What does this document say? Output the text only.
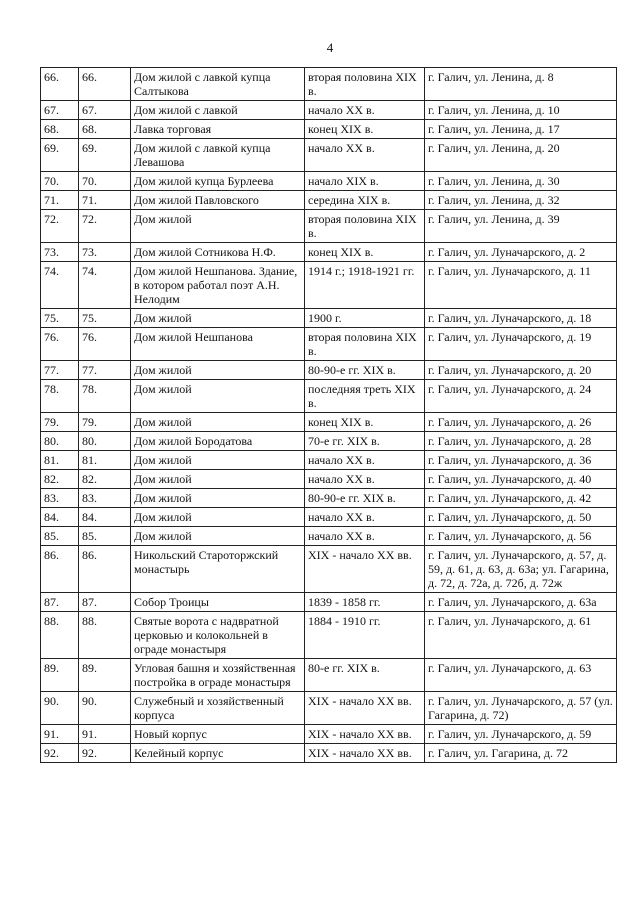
4
66.	66.	Дом жилой с лавкой купца Салтыкова	вторая половина XIX в.	г. Галич, ул. Ленина, д. 8
67.	67.	Дом жилой с лавкой	начало XX в.	г. Галич, ул. Ленина, д. 10
68.	68.	Лавка торговая	конец XIX в.	г. Галич, ул. Ленина, д. 17
69.	69.	Дом жилой с лавкой купца Левашова	начало XX в.	г. Галич, ул. Ленина, д. 20
70.	70.	Дом жилой купца Бурлеева	начало XIX в.	г. Галич, ул. Ленина, д. 30
71.	71.	Дом жилой Павловского	середина XIX в.	г. Галич, ул. Ленина, д. 32
72.	72.	Дом жилой	вторая половина XIX в.	г. Галич, ул. Ленина, д. 39
73.	73.	Дом жилой Сотникова Н.Ф.	конец XIX в.	г. Галич, ул. Луначарского, д. 2
74.	74.	Дом жилой Нешпанова. Здание, в котором работал поэт А.Н. Нелодим	1914 г.; 1918-1921 гг.	г. Галич, ул. Луначарского, д. 11
75.	75.	Дом жилой	1900 г.	г. Галич, ул. Луначарского, д. 18
76.	76.	Дом жилой Нешпанова	вторая половина XIX в.	г. Галич, ул. Луначарского, д. 19
77.	77.	Дом жилой	80-90-е гг. XIX в.	г. Галич, ул. Луначарского, д. 20
78.	78.	Дом жилой	последняя треть XIX в.	г. Галич, ул. Луначарского, д. 24
79.	79.	Дом жилой	конец XIX в.	г. Галич, ул. Луначарского, д. 26
80.	80.	Дом жилой Бородатова	70-е гг. XIX в.	г. Галич, ул. Луначарского, д. 28
81.	81.	Дом жилой	начало XX в.	г. Галич, ул. Луначарского, д. 36
82.	82.	Дом жилой	начало XX в.	г. Галич, ул. Луначарского, д. 40
83.	83.	Дом жилой	80-90-е гг. XIX в.	г. Галич, ул. Луначарского, д. 42
84.	84.	Дом жилой	начало XX в.	г. Галич, ул. Луначарского, д. 50
85.	85.	Дом жилой	начало XX в.	г. Галич, ул. Луначарского, д. 56
86.	86.	Никольский Староторжский монастырь	XIX - начало XX вв.	г. Галич, ул. Луначарского, д. 57, д. 59, д. 61, д. 63, д. 63а; ул. Гагарина, д. 72, д. 72а, д. 72б, д. 72ж
87.	87.	Собор Троицы	1839 - 1858 гг.	г. Галич, ул. Луначарского, д. 63а
88.	88.	Святые ворота с надвратной церковью и колокольней в ограде монастыря	1884 - 1910 гг.	г. Галич, ул. Луначарского, д. 61
89.	89.	Угловая башня и хозяйственная постройка в ограде монастыря	80-е гг. XIX в.	г. Галич, ул. Луначарского, д. 63
90.	90.	Служебный и хозяйственный корпуса	XIX - начало XX вв.	г. Галич, ул. Луначарского, д. 57 (ул. Гагарина, д. 72)
91.	91.	Новый корпус	XIX - начало XX вв.	г. Галич, ул. Луначарского, д. 59
92.	92.	Келейный корпус	XIX - начало XX вв.	г. Галич, ул. Гагарина, д. 72
